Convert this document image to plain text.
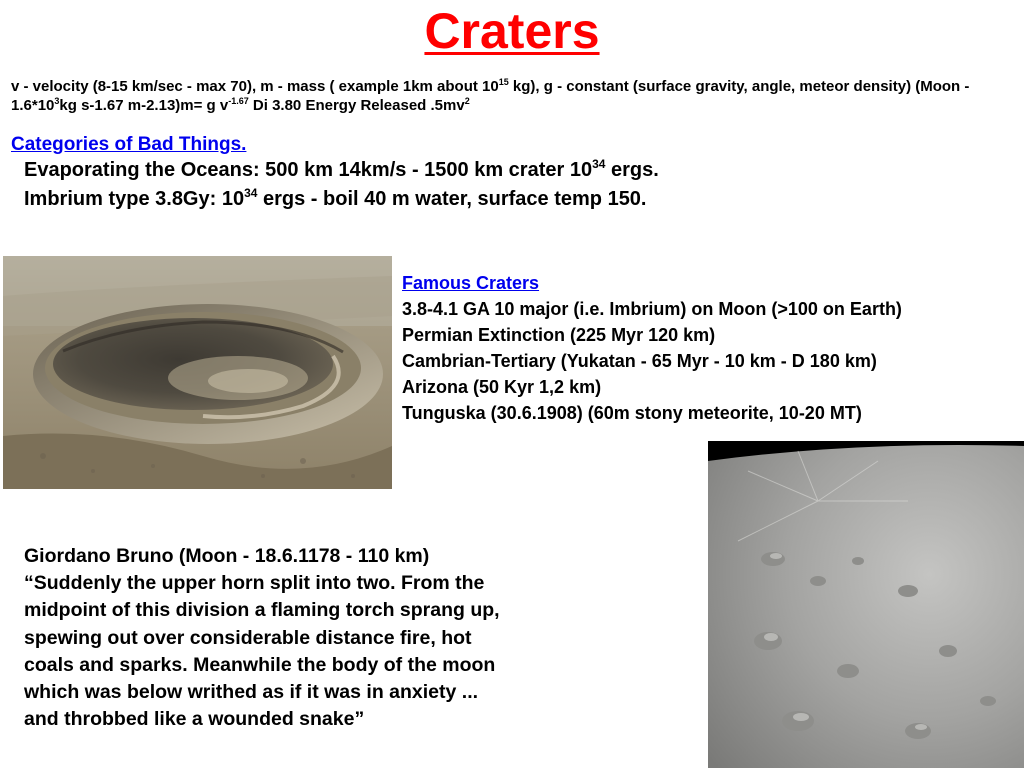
Craters
v - velocity (8-15 km/sec - max 70), m - mass ( example 1km about $10^{15}$ kg), g - constant (surface gravity, angle, meteor density) (Moon - $1.6*10^3kg$ s-1.67 m-2.13)m= g $v^{-1.67}$ Di 3.80 Energy Released $.5mv^2$
Categories of Bad Things.
Evaporating the Oceans: 500 km 14km/s - 1500 km crater $10^{34}$ ergs.
Imbrium type 3.8Gy: $10^{34}$ ergs - boil 40 m water, surface temp 150.
Famous Craters
3.8-4.1 GA 10 major (i.e. Imbrium) on Moon (>100 on Earth)
Permian Extinction (225 Myr 120 km)
Cambrian-Tertiary (Yukatan - 65 Myr - 10 km - D 180 km)
Arizona (50 Kyr 1,2 km)
Tunguska (30.6.1908) (60m stony meteorite, 10-20 MT)
Giordano Bruno (Moon - 18.6.1178 - 110 km)
“Suddenly the upper horn split into two. From the
midpoint of this division a flaming torch sprang up,
spewing out over considerable distance fire, hot
coals and sparks. Meanwhile the body of the moon
which was below writhed as if it was in anxiety ...
and throbbed like a wounded snake”
